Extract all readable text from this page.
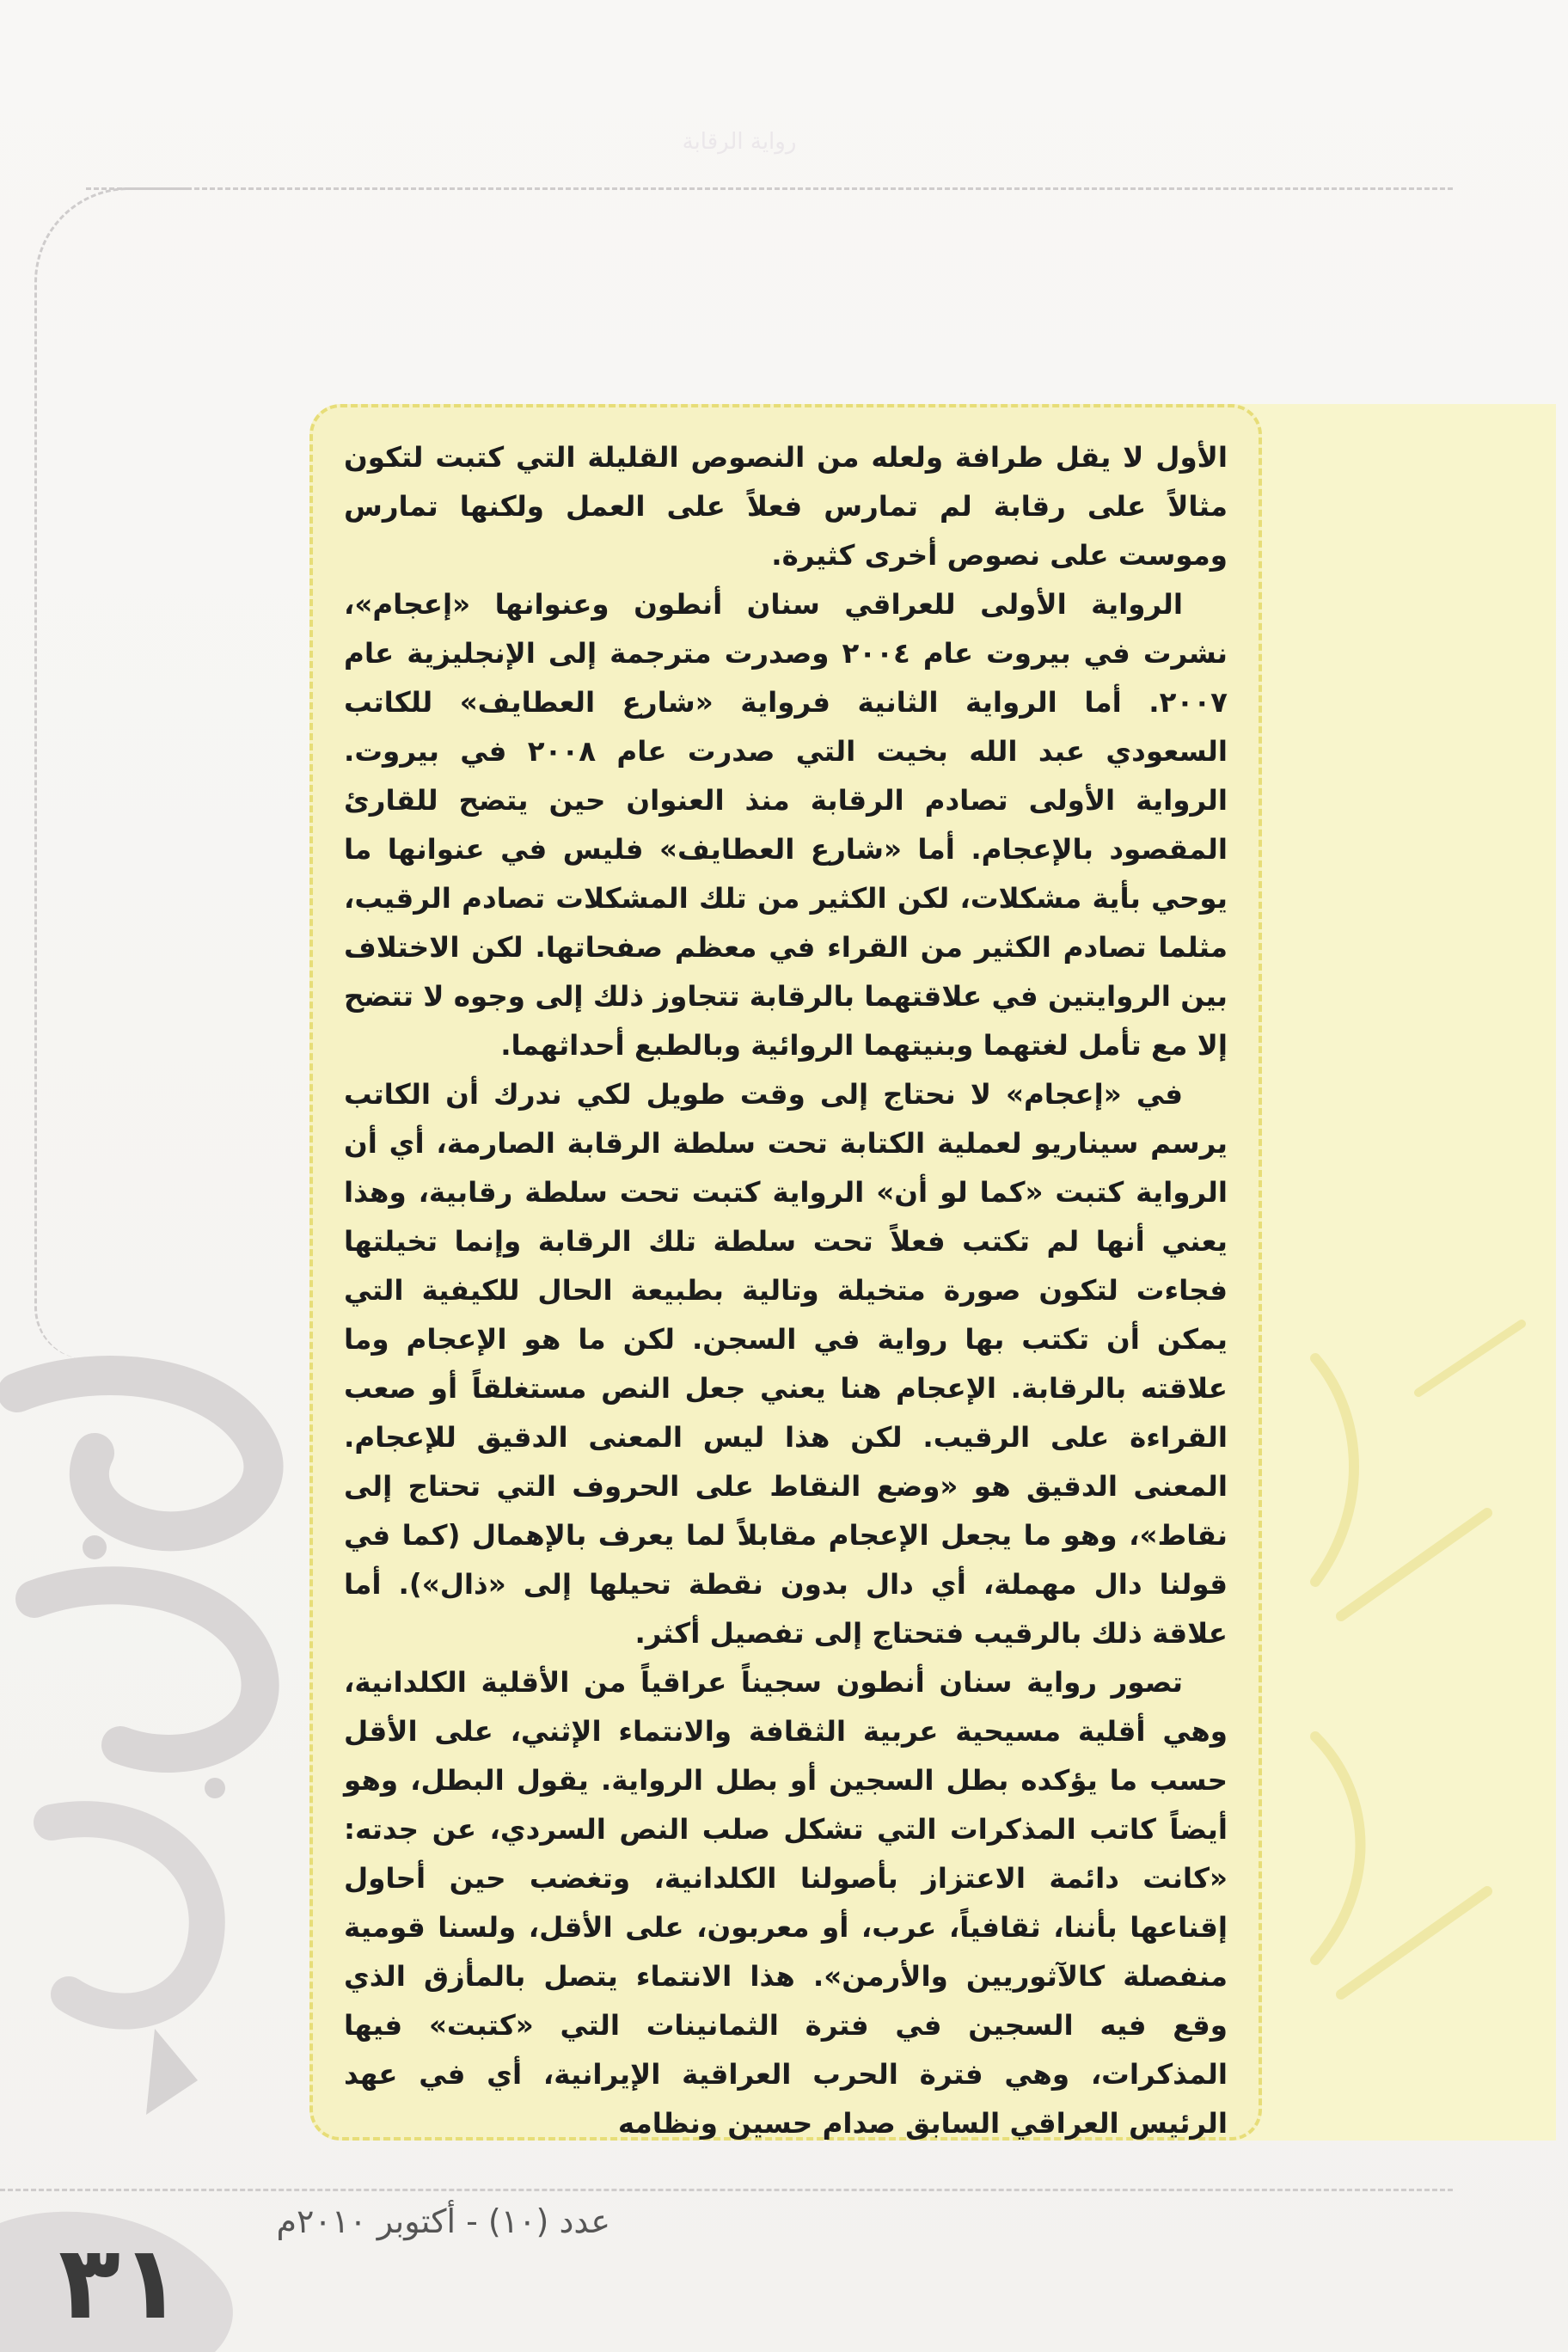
رواية الرقابة

الأول لا يقل طرافة ولعله من النصوص القليلة التي كتبت لتكون مثالاً على رقابة لم تمارس فعلاً على العمل ولكنها تمارس وموست على نصوص أخرى كثيرة.

الرواية الأولى للعراقي سنان أنطون وعنوانها «إعجام»، نشرت في بيروت عام ٢٠٠٤ وصدرت مترجمة إلى الإنجليزية عام ٢٠٠٧. أما الرواية الثانية فرواية «شارع العطايف» للكاتب السعودي عبد الله بخيت التي صدرت عام ٢٠٠٨ في بيروت. الرواية الأولى تصادم الرقابة منذ العنوان حين يتضح للقارئ المقصود بالإعجام. أما «شارع العطايف» فليس في عنوانها ما يوحي بأية مشكلات، لكن الكثير من تلك المشكلات تصادم الرقيب، مثلما تصادم الكثير من القراء في معظم صفحاتها. لكن الاختلاف بين الروايتين في علاقتهما بالرقابة تتجاوز ذلك إلى وجوه لا تتضح إلا مع تأمل لغتهما وبنيتهما الروائية وبالطبع أحداثهما.

في «إعجام» لا نحتاج إلى وقت طويل لكي ندرك أن الكاتب يرسم سيناريو لعملية الكتابة تحت سلطة الرقابة الصارمة، أي أن الرواية كتبت «كما لو أن» الرواية كتبت تحت سلطة رقابية، وهذا يعني أنها لم تكتب فعلاً تحت سلطة تلك الرقابة وإنما تخيلتها فجاءت لتكون صورة متخيلة وتالية بطبيعة الحال للكيفية التي يمكن أن تكتب بها رواية في السجن. لكن ما هو الإعجام وما علاقته بالرقابة. الإعجام هنا يعني جعل النص مستغلقاً أو صعب القراءة على الرقيب. لكن هذا ليس المعنى الدقيق للإعجام. المعنى الدقيق هو «وضع النقاط على الحروف التي تحتاج إلى نقاط»، وهو ما يجعل الإعجام مقابلاً لما يعرف بالإهمال (كما في قولنا دال مهملة، أي دال بدون نقطة تحيلها إلى «ذال»). أما علاقة ذلك بالرقيب فتحتاج إلى تفصيل أكثر.

تصور رواية سنان أنطون سجيناً عراقياً من الأقلية الكلدانية، وهي أقلية مسيحية عربية الثقافة والانتماء الإثني، على الأقل حسب ما يؤكده بطل السجين أو بطل الرواية. يقول البطل، وهو أيضاً كاتب المذكرات التي تشكل صلب النص السردي، عن جدته: «كانت دائمة الاعتزاز بأصولنا الكلدانية، وتغضب حين أحاول إقناعها بأننا، ثقافياً، عرب، أو معربون، على الأقل، ولسنا قومية منفصلة كالآثوريين والأرمن». هذا الانتماء يتصل بالمأزق الذي وقع فيه السجين في فترة الثمانينات التي «كتبت» فيها المذكرات، وهي فترة الحرب العراقية الإيرانية، أي في عهد الرئيس العراقي السابق صدام حسين ونظامه

عدد (١٠) - أكتوبر ٢٠١٠م
٣١
